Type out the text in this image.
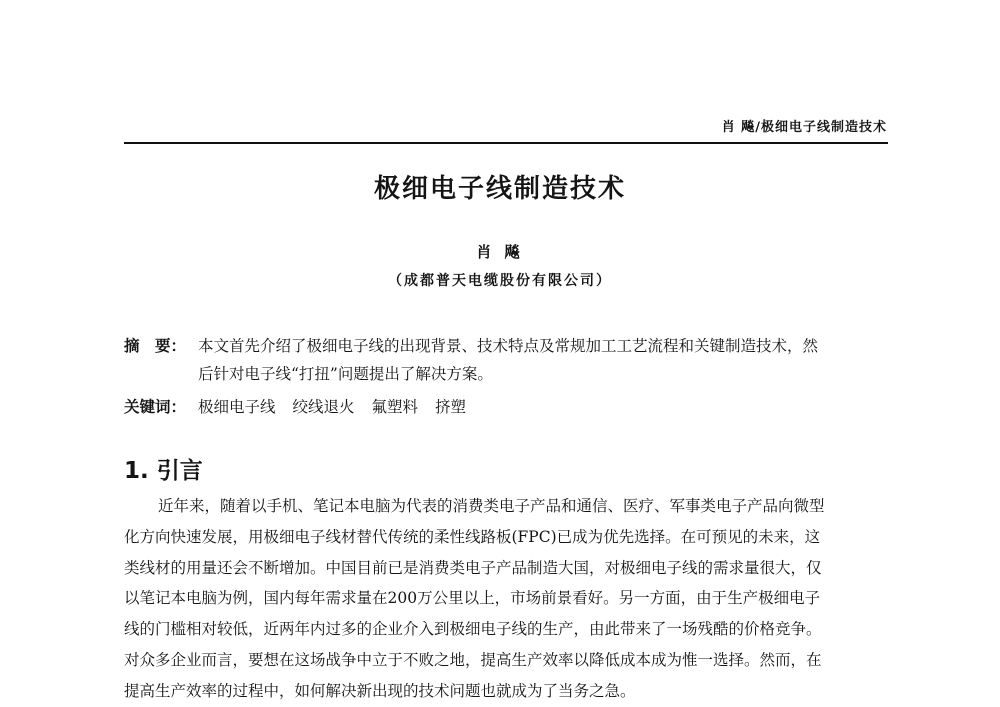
肖 飚/极细电子线制造技术
极细电子线制造技术
肖 飚
（成都普天电缆股份有限公司）
摘　要： 本文首先介绍了极细电子线的出现背景、技术特点及常规加工工艺流程和关键制造技术，然
后针对电子线“打扭”问题提出了解决方案。
关键词： 极细电子线 绞线退火 氟塑料 挤塑
1. 引言
近年来，随着以手机、笔记本电脑为代表的消费类电子产品和通信、医疗、军事类电子产品向微型
化方向快速发展，用极细电子线材替代传统的柔性线路板(FPC)已成为优先选择。在可预见的未来，这
类线材的用量还会不断增加。中国目前已是消费类电子产品制造大国，对极细电子线的需求量很大，仅
以笔记本电脑为例，国内每年需求量在200万公里以上，市场前景看好。另一方面，由于生产极细电子
线的门槛相对较低，近两年内过多的企业介入到极细电子线的生产，由此带来了一场残酷的价格竞争。
对众多企业而言，要想在这场战争中立于不败之地，提高生产效率以降低成本成为惟一选择。然而，在
提高生产效率的过程中，如何解决新出现的技术问题也就成为了当务之急。
